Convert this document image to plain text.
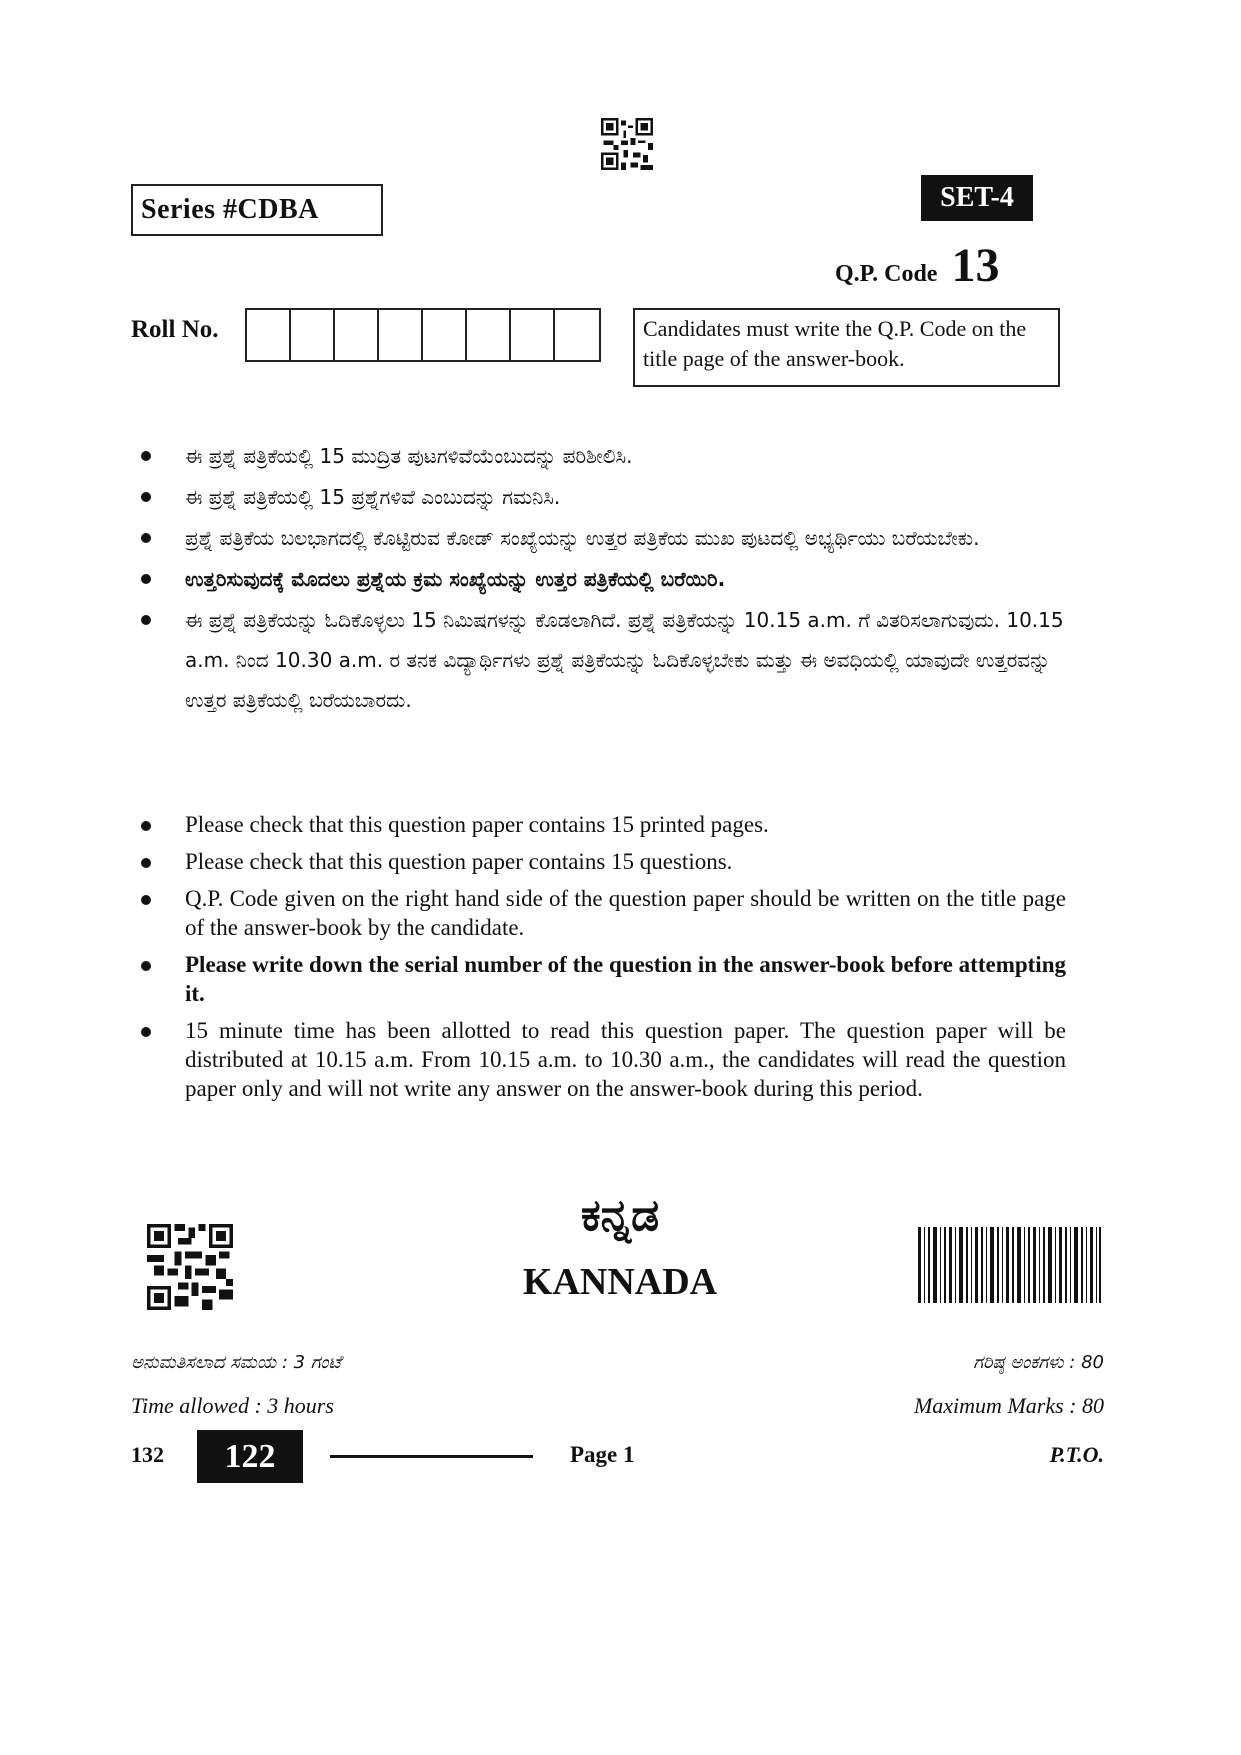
Series #CDBA	SET-4
Q.P. Code 13
Roll No.	Candidates must write the Q.P. Code on the title page of the answer-book.
ಈ ಪ್ರಶ್ನೆ ಪತ್ರಿಕೆಯಲ್ಲಿ 15 ಮುದ್ರಿತ ಪುಟಗಳಿವೆಯೆಂಬುದನ್ನು ಪರಿಶೀಲಿಸಿ.
ಈ ಪ್ರಶ್ನೆ ಪತ್ರಿಕೆಯಲ್ಲಿ 15 ಪ್ರಶ್ನೆಗಳಿವೆ ಎಂಬುದನ್ನು ಗಮನಿಸಿ.
ಪ್ರಶ್ನೆ ಪತ್ರಿಕೆಯ ಬಲಭಾಗದಲ್ಲಿ ಕೊಟ್ಟಿರುವ ಕೋಡ್ ಸಂಖ್ಯೆಯನ್ನು ಉತ್ತರ ಪತ್ರಿಕೆಯ ಮುಖ ಪುಟದಲ್ಲಿ ಅಭ್ಯರ್ಥಿಯು ಬರೆಯಬೇಕು.
ಉತ್ತರಿಸುವುದಕ್ಕೆ ಮೊದಲು ಪ್ರಶ್ನೆಯ ಕ್ರಮ ಸಂಖ್ಯೆಯನ್ನು ಉತ್ತರ ಪತ್ರಿಕೆಯಲ್ಲಿ ಬರೆಯಿರಿ.
ಈ ಪ್ರಶ್ನೆ ಪತ್ರಿಕೆಯನ್ನು ಓದಿಕೊಳ್ಳಲು 15 ನಿಮಿಷಗಳನ್ನು ಕೊಡಲಾಗಿದೆ. ಪ್ರಶ್ನೆ ಪತ್ರಿಕೆಯನ್ನು 10.15 a.m. ಗೆ ವಿತರಿಸಲಾಗುವುದು. 10.15 a.m. ನಿಂದ 10.30 a.m. ರ ತನಕ ವಿದ್ಯಾರ್ಥಿಗಳು ಪ್ರಶ್ನೆ ಪತ್ರಿಕೆಯನ್ನು ಓದಿಕೊಳ್ಳಬೇಕು ಮತ್ತು ಈ ಅವಧಿಯಲ್ಲಿ ಯಾವುದೇ ಉತ್ತರವನ್ನು ಉತ್ತರ ಪತ್ರಿಕೆಯಲ್ಲಿ ಬರೆಯಬಾರದು.
Please check that this question paper contains 15 printed pages.
Please check that this question paper contains 15 questions.
Q.P. Code given on the right hand side of the question paper should be written on the title page of the answer-book by the candidate.
Please write down the serial number of the question in the answer-book before attempting it.
15 minute time has been allotted to read this question paper. The question paper will be distributed at 10.15 a.m. From 10.15 a.m. to 10.30 a.m., the candidates will read the question paper only and will not write any answer on the answer-book during this period.
ಕನ್ನಡ
KANNADA
ಅನುಮತಿಸಲಾದ ಸಮಯ : 3 ಗಂಟೆ
Time allowed : 3 hours
ಗರಿಷ್ಠ ಅಂಕಗಳು : 80
Maximum Marks : 80
132	122	Page 1	P.T.O.
